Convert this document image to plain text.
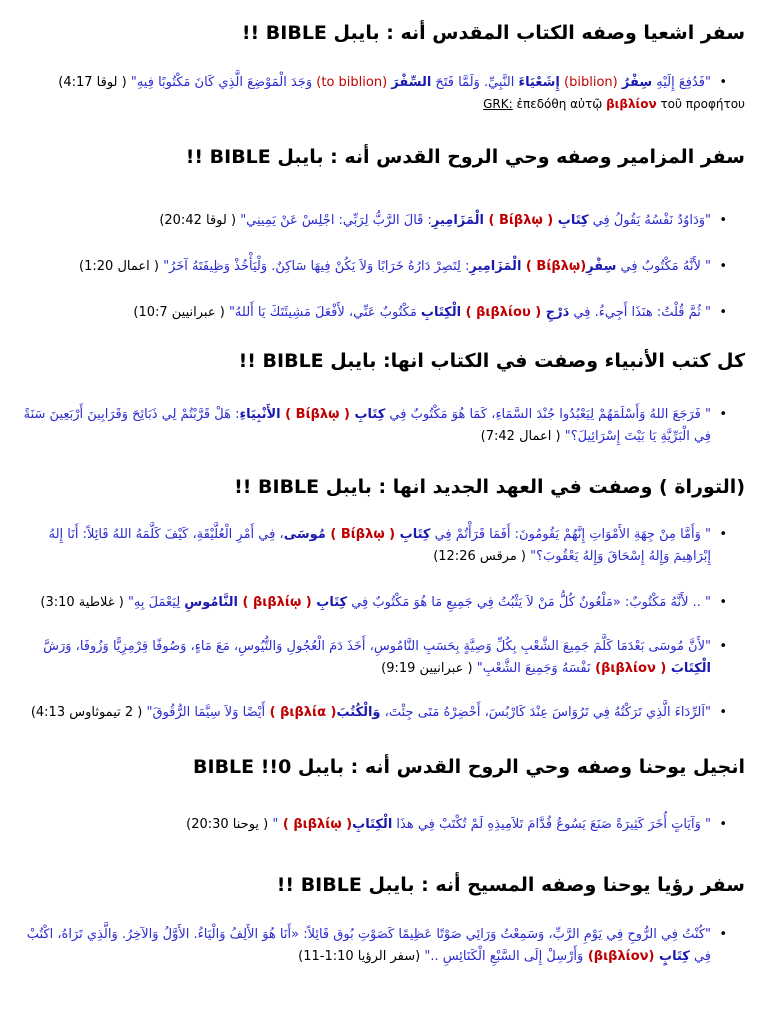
سفر اشعيا وصفه الكتاب المقدس أنه : بايبل BIBLE !!
•
"فَدُفِعَ إِلَيْهِ سِفْرُ (biblion) إِشَعْيَاءَ النَّبِيِّ. وَلَمَّا فَتَحَ السِّفْرَ (to biblion) وَجَدَ الْمَوْضِعَ الَّذِي كَانَ مَكْتُوبًا فِيهِ" ( لوقا 4:17)
GRK: ἐπεδόθη αὐτῷ βιβλίον τοῦ προφήτου
سفر المزامير وصفه وحي الروح القدس أنه : بايبل BIBLE !!
•
"وَدَاوُدُ نَفْسُهُ يَقُولُ فِي كِتَابِ ( Βίβλῳ ) الْمَزَامِيرِ: قَالَ الرَّبُّ لِرَبِّي: اجْلِسْ عَنْ يَمِينِي" ( لوقا 20:42)
•
" لأَنَّهُ مَكْتُوبٌ فِي سِفْرِ(Βίβλῳ ) الْمَزَامِيرِ: لِتَصِرْ دَارُهُ خَرَابًا وَلاَ يَكُنْ فِيهَا سَاكِنٌ. وَلْيَأْخُذْ وَظِيفَتَهُ آخَرُ" ( اعمال 1:20)
•
" ثُمَّ قُلْتُ: هنَذَا أَجِيءُ. فِي دَرْجِ ( βιβλίου ) الْكِتَابِ مَكْتُوبٌ عَنِّي، لأَفْعَلَ مَشِيئَتَكَ يَا أَللهُ" ( عبرانيين 10:7)
كل كتب الأنبياء وصفت في الكتاب انها: بايبل BIBLE !!
•
" فَرَجَعَ اللهُ وَأَسْلَمَهُمْ لِيَعْبُدُوا جُنْدَ السَّمَاءِ، كَمَا هُوَ مَكْتُوبٌ فِي كِتَابِ ( Βίβλῳ ) الأَنْبِيَاءِ: هَلْ قَرَّبْتُمْ لِي ذَبَائِحَ وَقَرَابِينَ أَرْبَعِينَ سَنَةً فِي الْبَرِّيَّةِ يَا بَيْتَ إِسْرَائِيلَ؟" ( اعمال 7:42)
(التوراة ) وصفت في العهد الجديد انها : بايبل BIBLE !!
•
" وَأَمَّا مِنْ جِهَةِ الأَمْوَاتِ إِنَّهُمْ يَقُومُونَ: أَفَمَا قَرَأْتُمْ فِي كِتَابِ ( Βίβλῳ ) مُوسَى، فِي أَمْرِ الْعُلَّيْقَةِ، كَيْفَ كَلَّمَهُ اللهُ قَائِلاً: أَنَا إِلهُ إِبْرَاهِيمَ وَإِلهُ إِسْحَاقَ وَإِلهُ يَعْقُوبَ؟" ( مرقس 12:26)
•
" .. لأَنَّهُ مَكْتُوبٌ: «مَلْعُونٌ كُلُّ مَنْ لاَ يَثْبُتُ فِي جَمِيعِ مَا هُوَ مَكْتُوبٌ فِي كِتَابِ ( βιβλίῳ ) النَّامُوسِ لِيَعْمَلَ بِهِ" ( غلاطية 3:10)
•
"لأَنَّ مُوسَى بَعْدَمَا كَلَّمَ جَمِيعَ الشَّعْبِ بِكُلِّ وَصِيَّةٍ بِحَسَبِ النَّامُوسِ، أَخَذَ دَمَ الْعُجُولِ وَالتُّيُوسِ، مَعَ مَاءٍ، وَصُوفًا قِرْمِزِيًّا وَزُوفَا، وَرَشَّ الْكِتَابَ ( βιβλίον) نَفْسَهُ وَجَمِيعَ الشَّعْبِ" ( عبرانيين 9:19)
•
"اَلرِّدَاءَ الَّذِي تَرَكْتُهُ فِي تَرُوَاسَ عِنْدَ كَارْبُسَ، أَحْضِرْهُ مَتَى جِئْتَ، وَالْكُتُبَ( βιβλία ) أَيْضًا وَلاَ سِيَّمَا الرُّقُوقَ" ( 2 تيموثاوس 4:13)
انجيل يوحنا وصفه وحي الروح القدس أنه : بايبل BIBLE !!0
•
" وَآيَاتٍ أُخَرَ كَثِيرَةً صَنَعَ يَسُوعُ قُدَّامَ تَلاَمِيذِهِ لَمْ تُكْتَبْ فِي هذَا الْكِتَابِ( βιβλίῳ ) " ( يوحنا 20:30)
سفر رؤيا يوحنا وصفه المسيح أنه : بايبل BIBLE !!
•
"كُنْتُ فِي الرُّوحِ فِي يَوْمِ الرَّبِّ، وَسَمِعْتُ وَرَائِي صَوْتًا عَظِيمًا كَصَوْتِ بُوق قَائِلاً: «أَنَا هُوَ الأَلِفُ وَالْيَاءُ. الأَوَّلُ وَالآخِرُ. وَالَّذِي تَرَاهُ، اكْتُبْ فِي كِتَابٍ (βιβλίον) وَأَرْسِلْ إِلَى السَّبْعِ الْكَنَائِسِ .." (سفر الرؤيا 1:10-11)
